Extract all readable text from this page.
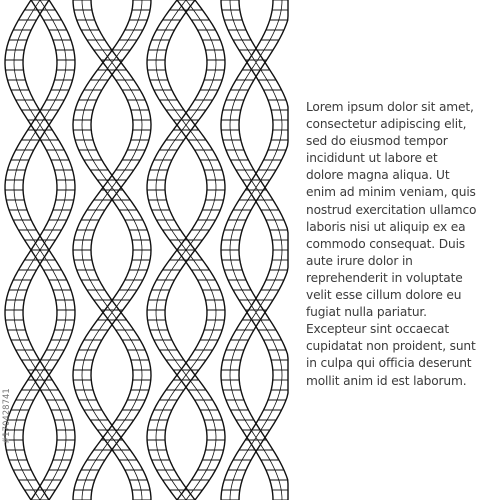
Lorem ipsum dolor sit amet, consectetur adipiscing elit, sed do eiusmod tempor incididunt ut labore et dolore magna aliqua. Ut enim ad minim veniam, quis nostrud exercitation ullamco laboris nisi ut aliquip ex ea commodo consequat. Duis aute irure dolor in reprehenderit in voluptate velit esse cillum dolore eu fugiat nulla pariatur. Excepteur sint occaecat cupidatat non proident, sunt in culpa qui officia deserunt mollit anim id est laborum.

#170428741
